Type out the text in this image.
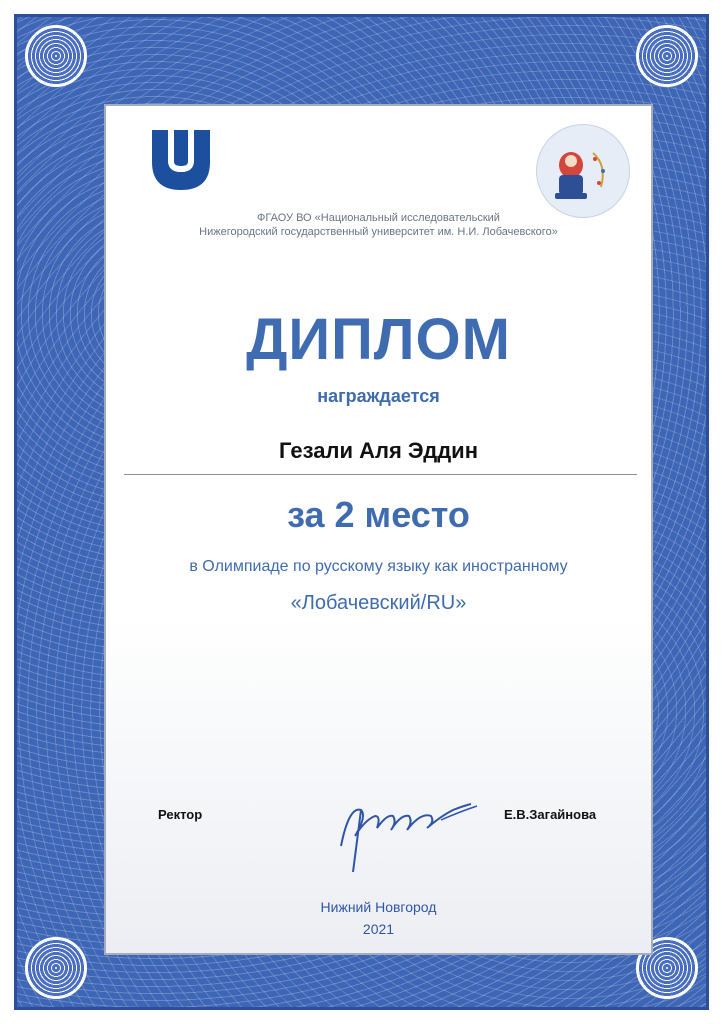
ФГАОУ ВО «Национальный исследовательский
Нижегородский государственный университет им. Н.И. Лобачевского»
ДИПЛОМ
награждается
Гезали Аля Эддин
за 2 место
в Олимпиаде по русскому языку как иностранному
«Лобачевский/RU»
Ректор	Е.В.Загайнова
Нижний Новгород
2021
